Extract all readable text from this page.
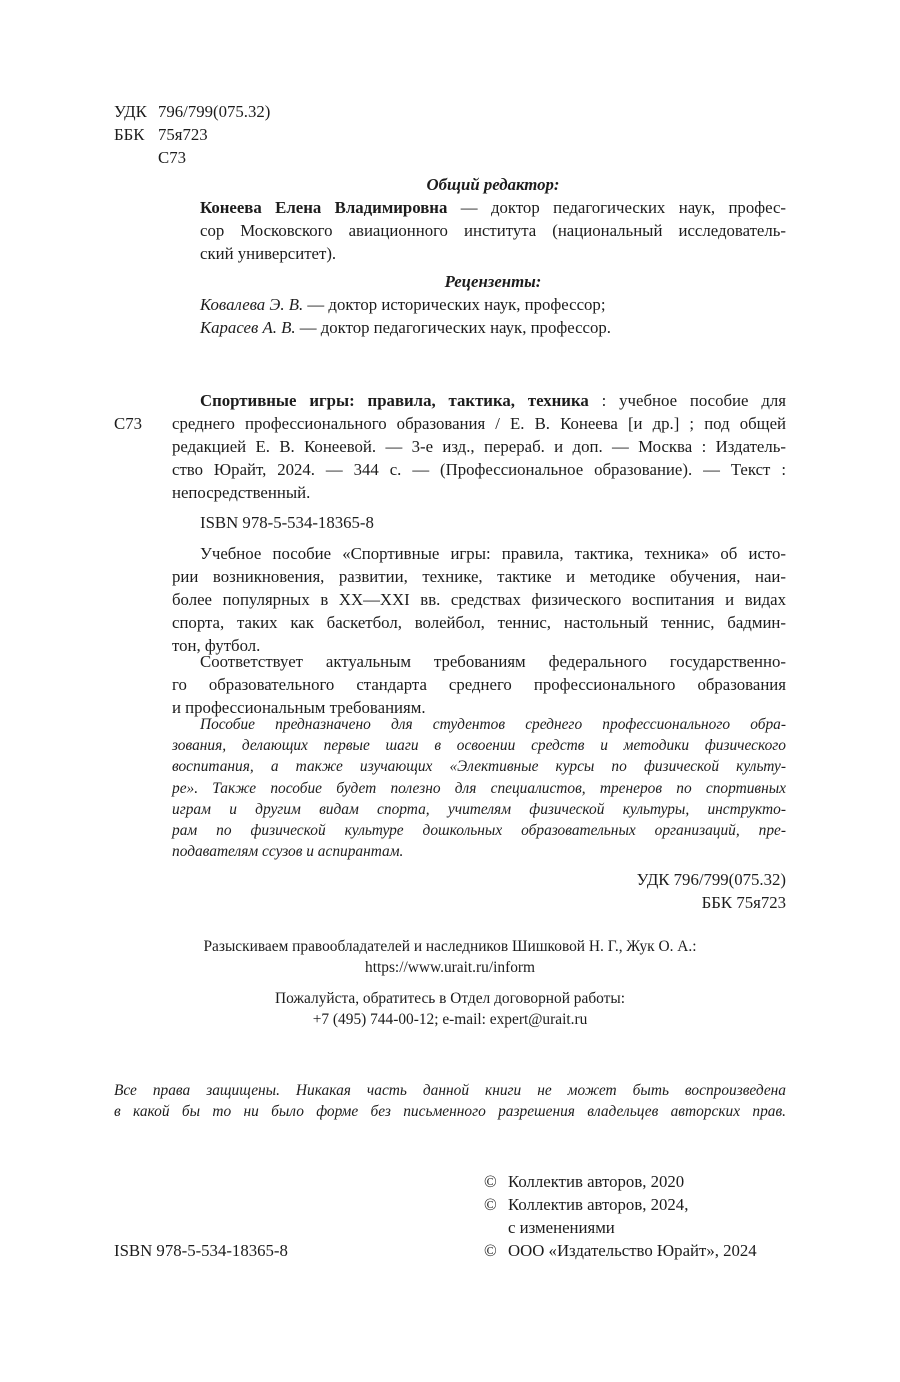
УДК 796/799(075.32)
ББК 75я723
С73
Общий редактор:
Конеева Елена Владимировна — доктор педагогических наук, профес-
сор Московского авиационного института (национальный исследователь-
ский университет).
Рецензенты:
Ковалева Э. В. — доктор исторических наук, профессор;
Карасев А. В. — доктор педагогических наук, профессор.
С73
Спортивные игры: правила, тактика, техника : учебное пособие для
среднего профессионального образования / Е. В. Конеева [и др.] ; под общей
редакцией Е. В. Конеевой. — 3-е изд., перераб. и доп. — Москва : Издатель-
ство Юрайт, 2024. — 344 с. — (Профессиональное образование). — Текст :
непосредственный.
ISBN 978-5-534-18365-8
Учебное пособие «Спортивные игры: правила, тактика, техника» об исто-
рии возникновения, развитии, технике, тактике и методике обучения, наи-
более популярных в XX—XXI вв. средствах физического воспитания и видах
спорта, таких как баскетбол, волейбол, теннис, настольный теннис, бадмин-
тон, футбол.
Соответствует актуальным требованиям федерального государственно-
го образовательного стандарта среднего профессионального образования
и профессиональным требованиям.
Пособие предназначено для студентов среднего профессионального обра-
зования, делающих первые шаги в освоении средств и методики физического
воспитания, а также изучающих «Элективные курсы по физической культу-
ре». Также пособие будет полезно для специалистов, тренеров по спортивных
играм и другим видам спорта, учителям физической культуры, инструкто-
рам по физической культуре дошкольных образовательных организаций, пре-
подавателям ссузов и аспирантам.
УДК 796/799(075.32)
ББК 75я723
Разыскиваем правообладателей и наследников Шишковой Н. Г., Жук О. А.:
https://www.urait.ru/inform
Пожалуйста, обратитесь в Отдел договорной работы:
+7 (495) 744-00-12; e-mail: expert@urait.ru
Все права защищены. Никакая часть данной книги не может быть воспроизведена
в какой бы то ни было форме без письменного разрешения владельцев авторских прав.
ISBN 978-5-534-18365-8
© Коллектив авторов, 2020
© Коллектив авторов, 2024,
с изменениями
© ООО «Издательство Юрайт», 2024
